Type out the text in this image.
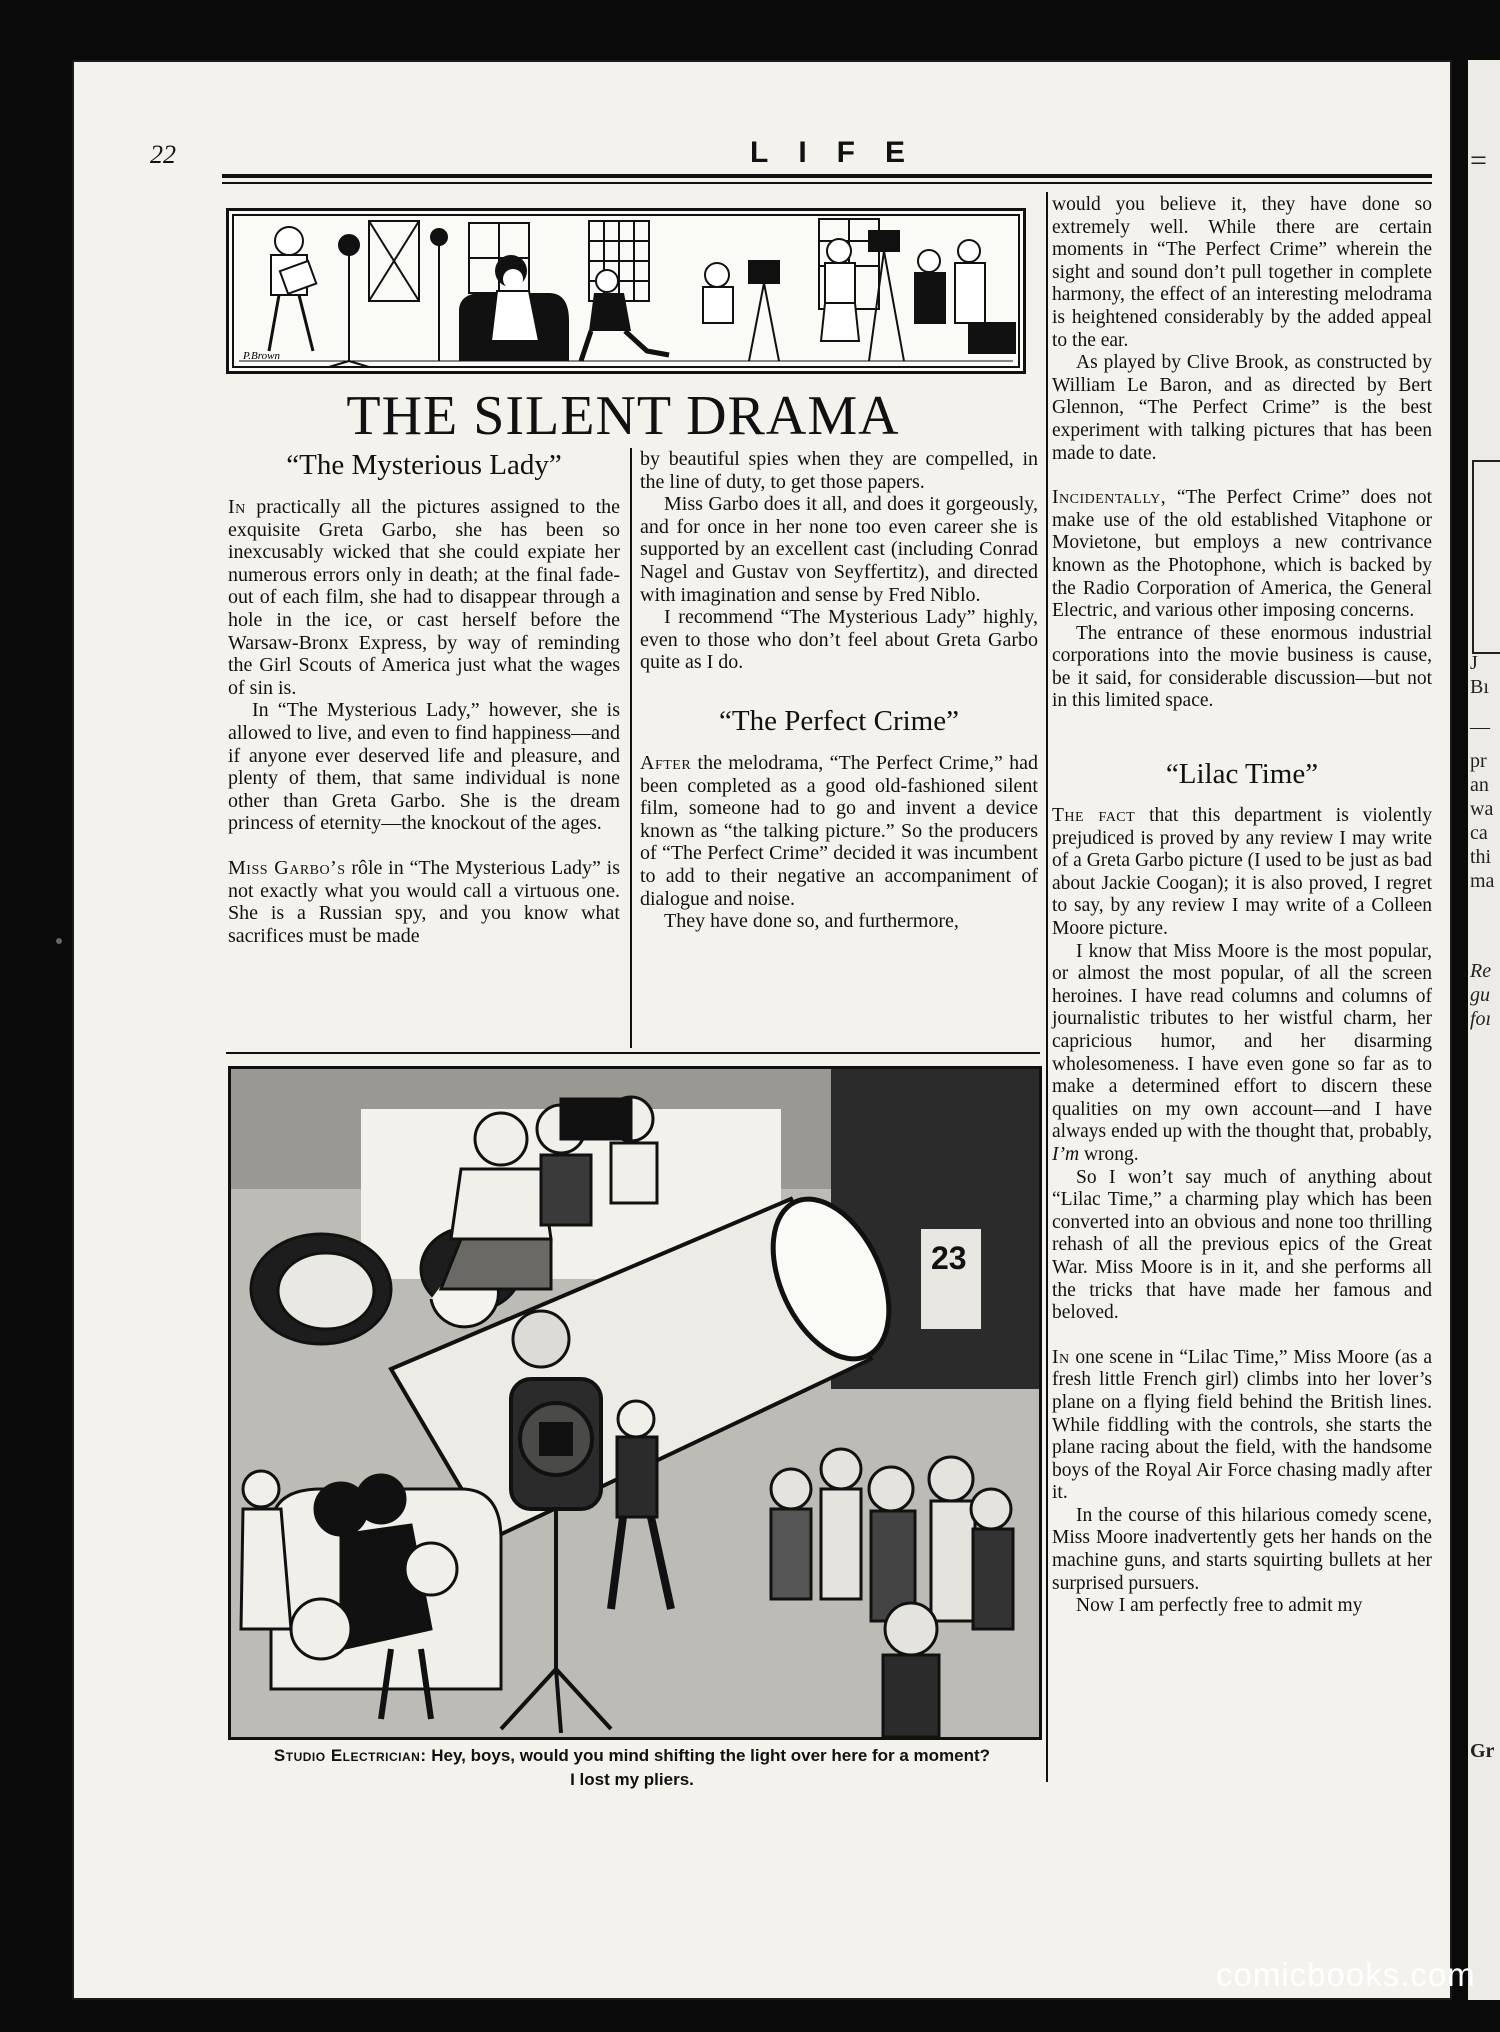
=
J
Bı
—
pr
an
wa
ca
thi
ma
Re
gu
foı
Gr
22	LIFE
P.Brown
THE SILENT DRAMA
“The Mysterious Lady”

In practically all the pictures assigned to the exquisite Greta Garbo, she has been so inexcusably wicked that she could expiate her numerous errors only in death; at the final fade-out of each film, she had to disappear through a hole in the ice, or cast herself before the Warsaw-Bronx Express, by way of reminding the Girl Scouts of America just what the wages of sin is.

In “The Mysterious Lady,” however, she is allowed to live, and even to find happiness—and if anyone ever deserved life and pleasure, and plenty of them, that same individual is none other than Greta Garbo. She is the dream princess of eternity—the knockout of the ages.

Miss Garbo’s rôle in “The Mysterious Lady” is not exactly what you would call a virtuous one. She is a Russian spy, and you know what sacrifices must be made

by beautiful spies when they are compelled, in the line of duty, to get those papers.

Miss Garbo does it all, and does it gorgeously, and for once in her none too even career she is supported by an excellent cast (including Conrad Nagel and Gustav von Seyffertitz), and directed with imagination and sense by Fred Niblo.

I recommend “The Mysterious Lady” highly, even to those who don’t feel about Greta Garbo quite as I do.

“The Perfect Crime”

After the melodrama, “The Perfect Crime,” had been completed as a good old-fashioned silent film, someone had to go and invent a device known as “the talking picture.” So the producers of “The Perfect Crime” decided it was incumbent to add to their negative an accompaniment of dialogue and noise.

They have done so, and furthermore,

would you believe it, they have done so extremely well. While there are certain moments in “The Perfect Crime” wherein the sight and sound don’t pull together in complete harmony, the effect of an interesting melodrama is heightened considerably by the added appeal to the ear.

As played by Clive Brook, as constructed by William Le Baron, and as directed by Bert Glennon, “The Perfect Crime” is the best experiment with talking pictures that has been made to date.

Incidentally, “The Perfect Crime” does not make use of the old established Vitaphone or Movietone, but employs a new contrivance known as the Photophone, which is backed by the Radio Corporation of America, the General Electric, and various other imposing concerns.

The entrance of these enormous industrial corporations into the movie business is cause, be it said, for considerable discussion—but not in this limited space.

“Lilac Time”

The fact that this department is violently prejudiced is proved by any review I may write of a Greta Garbo picture (I used to be just as bad about Jackie Coogan); it is also proved, I regret to say, by any review I may write of a Colleen Moore picture.

I know that Miss Moore is the most popular, or almost the most popular, of all the screen heroines. I have read columns and columns of journalistic tributes to her wistful charm, her capricious humor, and her disarming wholesomeness. I have even gone so far as to make a determined effort to discern these qualities on my own account—and I have always ended up with the thought that, probably, I’m wrong.

So I won’t say much of anything about “Lilac Time,” a charming play which has been converted into an obvious and none too thrilling rehash of all the previous epics of the Great War. Miss Moore is in it, and she performs all the tricks that have made her famous and beloved.

In one scene in “Lilac Time,” Miss Moore (as a fresh little French girl) climbs into her lover’s plane on a flying field behind the British lines. While fiddling with the controls, she starts the plane racing about the field, with the handsome boys of the Royal Air Force chasing madly after it.

In the course of this hilarious comedy scene, Miss Moore inadvertently gets her hands on the machine guns, and starts squirting bullets at her surprised pursuers.

Now I am perfectly free to admit my

23
Studio Electrician: Hey, boys, would you mind shifting the light over here for a moment?
I lost my pliers.
comicbooks.com
